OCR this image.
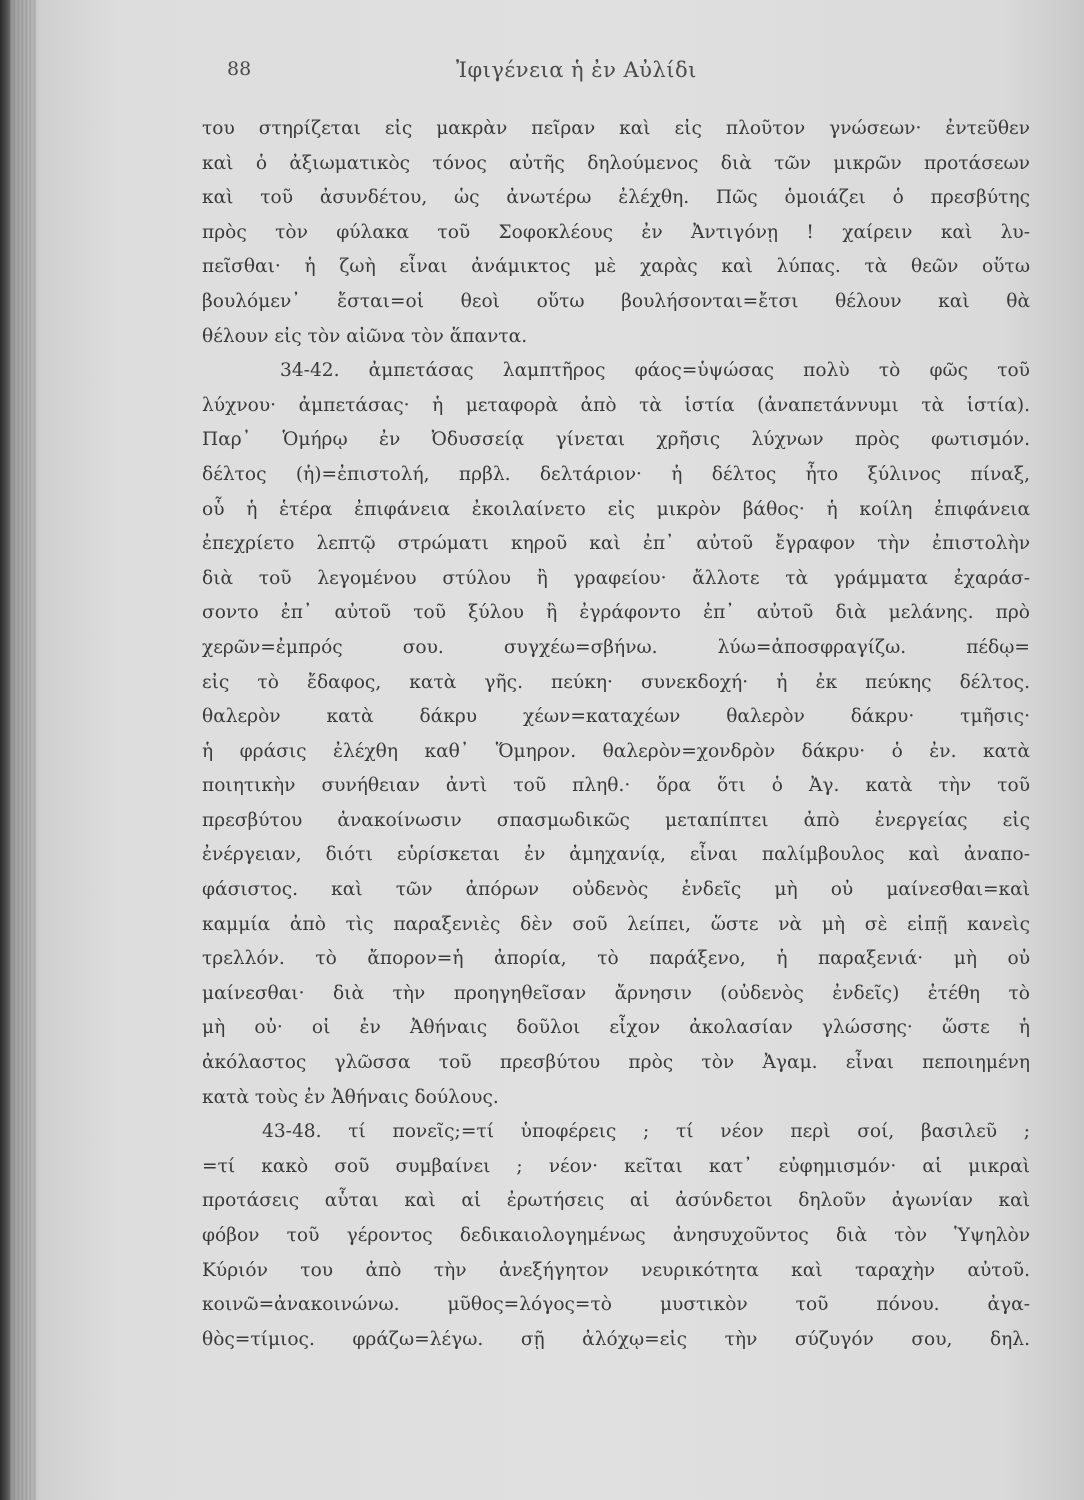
88	Ἰφιγένεια ἡ ἐν Αὐλίδι
του στηρίζεται εἰς μακρὰν πεῖραν καὶ εἰς πλοῦτον γνώσεων· ἐντεῦθεν
καὶ ὁ ἀξιωματικὸς τόνος αὐτῆς δηλούμενος διὰ τῶν μικρῶν προτάσεων
καὶ τοῦ ἀσυνδέτου, ὡς ἀνωτέρω ἐλέχθη. Πῶς ὁμοιάζει ὁ πρεσβύτης
πρὸς τὸν φύλακα τοῦ Σοφοκλέους ἐν Ἀντιγόνῃ ! χαίρειν καὶ λυ-
πεῖσθαι· ἡ ζωὴ εἶναι ἀνάμικτος μὲ χαρὰς καὶ λύπας. τὰ θεῶν οὕτω
βουλόμεν᾽ ἔσται=οἱ θεοὶ οὕτω βουλήσονται=ἔτσι θέλουν καὶ θὰ
θέλουν εἰς τὸν αἰῶνα τὸν ἅπαντα.
34-42. ἀμπετάσας λαμπτῆρος φάος=ὑψώσας πολὺ τὸ φῶς τοῦ
λύχνου· ἀμπετάσας· ἡ μεταφορὰ ἀπὸ τὰ ἱστία (ἀναπετάννυμι τὰ ἱστία).
Παρ᾽ Ὁμήρῳ ἐν Ὀδυσσείᾳ γίνεται χρῆσις λύχνων πρὸς φωτισμόν.
δέλτος (ἡ)=ἐπιστολή, πρβλ. δελτάριον· ἡ δέλτος ἦτο ξύλινος πίναξ,
οὗ ἡ ἑτέρα ἐπιφάνεια ἐκοιλαίνετο εἰς μικρὸν βάθος· ἡ κοίλη ἐπιφάνεια
ἐπεχρίετο λεπτῷ στρώματι κηροῦ καὶ ἐπ᾽ αὐτοῦ ἔγραφον τὴν ἐπιστολὴν
διὰ τοῦ λεγομένου στύλου ἢ γραφείου· ἄλλοτε τὰ γράμματα ἐχαράσ-
σοντο ἐπ᾽ αὐτοῦ τοῦ ξύλου ἢ ἐγράφοντο ἐπ᾽ αὐτοῦ διὰ μελάνης. πρὸ
χερῶν=ἐμπρός σου. συγχέω=σβήνω. λύω=ἀποσφραγίζω. πέδῳ=
εἰς τὸ ἔδαφος, κατὰ γῆς. πεύκη· συνεκδοχή· ἡ ἐκ πεύκης δέλτος.
θαλερὸν κατὰ δάκρυ χέων=καταχέων θαλερὸν δάκρυ· τμῆσις·
ἡ φράσις ἐλέχθη καθ᾽ Ὅμηρον. θαλερὸν=χονδρὸν δάκρυ· ὁ ἐν. κατὰ
ποιητικὴν συνήθειαν ἀντὶ τοῦ πληθ.· ὅρα ὅτι ὁ Ἀγ. κατὰ τὴν τοῦ
πρεσβύτου ἀνακοίνωσιν σπασμωδικῶς μεταπίπτει ἀπὸ ἐνεργείας εἰς
ἐνέργειαν, διότι εὑρίσκεται ἐν ἀμηχανίᾳ, εἶναι παλίμβουλος καὶ ἀναπο-
φάσιστος. καὶ τῶν ἀπόρων οὐδενὸς ἐνδεῖς μὴ οὐ μαίνεσθαι=καὶ
καμμία ἀπὸ τὶς παραξενιὲς δὲν σοῦ λείπει, ὥστε νὰ μὴ σὲ εἰπῇ κανεὶς
τρελλόν. τὸ ἄπορον=ἡ ἀπορία, τὸ παράξενο, ἡ παραξενιά· μὴ οὐ
μαίνεσθαι· διὰ τὴν προηγηθεῖσαν ἄρνησιν (οὐδενὸς ἐνδεῖς) ἐτέθη τὸ
μὴ οὐ· οἱ ἐν Ἀθήναις δοῦλοι εἶχον ἀκολασίαν γλώσσης· ὥστε ἡ
ἀκόλαστος γλῶσσα τοῦ πρεσβύτου πρὸς τὸν Ἀγαμ. εἶναι πεποιημένη
κατὰ τοὺς ἐν Ἀθήναις δούλους.
43-48. τί πονεῖς;=τί ὑποφέρεις ; τί νέον περὶ σοί, βασιλεῦ ;
=τί κακὸ σοῦ συμβαίνει ; νέον· κεῖται κατ᾽ εὐφημισμόν· αἱ μικραὶ
προτάσεις αὗται καὶ αἱ ἐρωτήσεις αἱ ἀσύνδετοι δηλοῦν ἀγωνίαν καὶ
φόβον τοῦ γέροντος δεδικαιολογημένως ἀνησυχοῦντος διὰ τὸν Ὑψηλὸν
Κύριόν του ἀπὸ τὴν ἀνεξήγητον νευρικότητα καὶ ταραχὴν αὐτοῦ.
κοινῶ=ἀνακοινώνω. μῦθος=λόγος=τὸ μυστικὸν τοῦ πόνου. ἀγα-
θὸς=τίμιος. φράζω=λέγω. σῇ ἀλόχῳ=εἰς τὴν σύζυγόν σου, δηλ.
